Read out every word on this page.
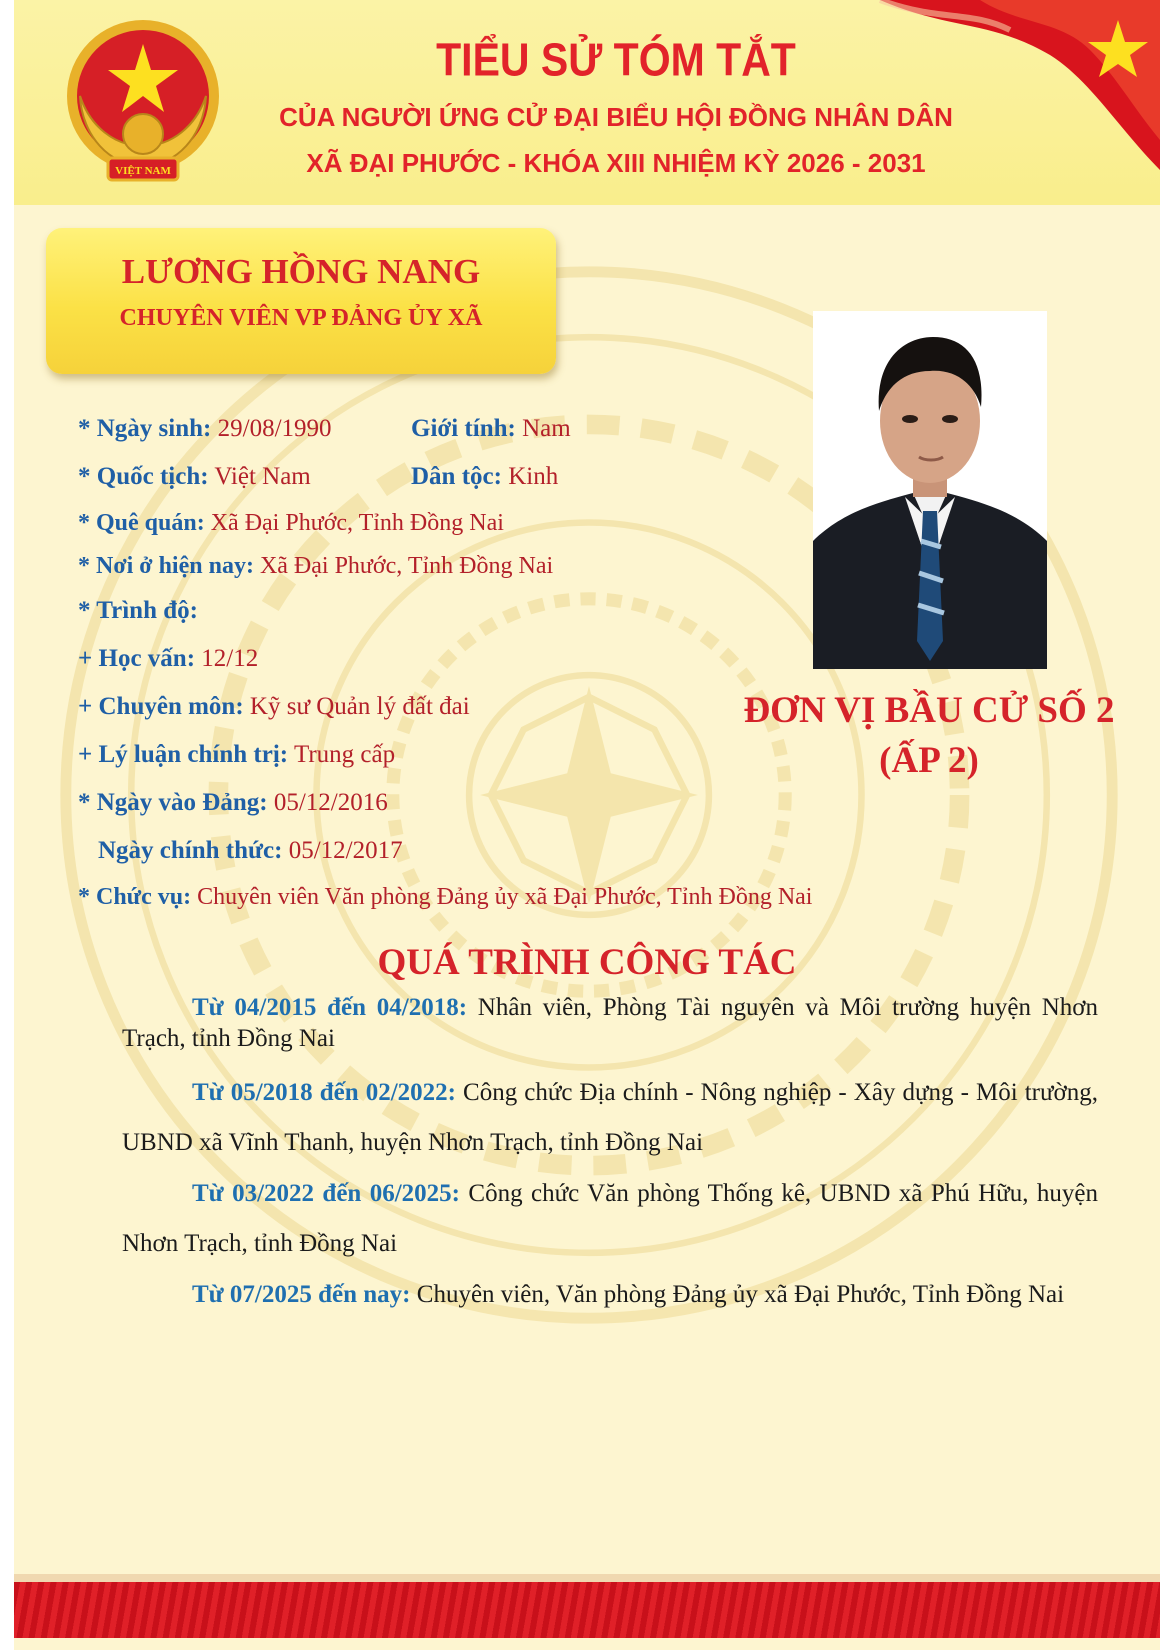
VIỆT NAM
TIỂU SỬ TÓM TẮT
CỦA NGƯỜI ỨNG CỬ ĐẠI BIỂU HỘI ĐỒNG NHÂN DÂN
XÃ ĐẠI PHƯỚC - KHÓA XIII NHIỆM KỲ 2026 - 2031
LƯƠNG HỒNG NANG
CHUYÊN VIÊN VP ĐẢNG ỦY XÃ
ĐƠN VỊ BẦU CỬ SỐ 2
(ẤP 2)
* Ngày sinh: 29/08/1990	Giới tính: Nam
* Quốc tịch: Việt Nam	Dân tộc: Kinh
* Quê quán: Xã Đại Phước, Tỉnh Đồng Nai
* Nơi ở hiện nay: Xã Đại Phước, Tỉnh Đồng Nai
* Trình độ:
+ Học vấn: 12/12
+ Chuyên môn: Kỹ sư Quản lý đất đai
+ Lý luận chính trị: Trung cấp
* Ngày vào Đảng: 05/12/2016
Ngày chính thức: 05/12/2017
* Chức vụ: Chuyên viên Văn phòng Đảng ủy xã Đại Phước, Tỉnh Đồng Nai
QUÁ TRÌNH CÔNG TÁC
Từ 04/2015 đến 04/2018: Nhân viên, Phòng Tài nguyên và Môi trường huyện Nhơn Trạch, tỉnh Đồng Nai
Từ 05/2018 đến 02/2022: Công chức Địa chính - Nông nghiệp - Xây dựng - Môi trường, UBND xã Vĩnh Thanh, huyện Nhơn Trạch, tỉnh Đồng Nai
Từ 03/2022 đến 06/2025: Công chức Văn phòng Thống kê, UBND xã Phú Hữu, huyện Nhơn Trạch, tỉnh Đồng Nai
Từ 07/2025 đến nay: Chuyên viên, Văn phòng Đảng ủy xã Đại Phước, Tỉnh Đồng Nai
